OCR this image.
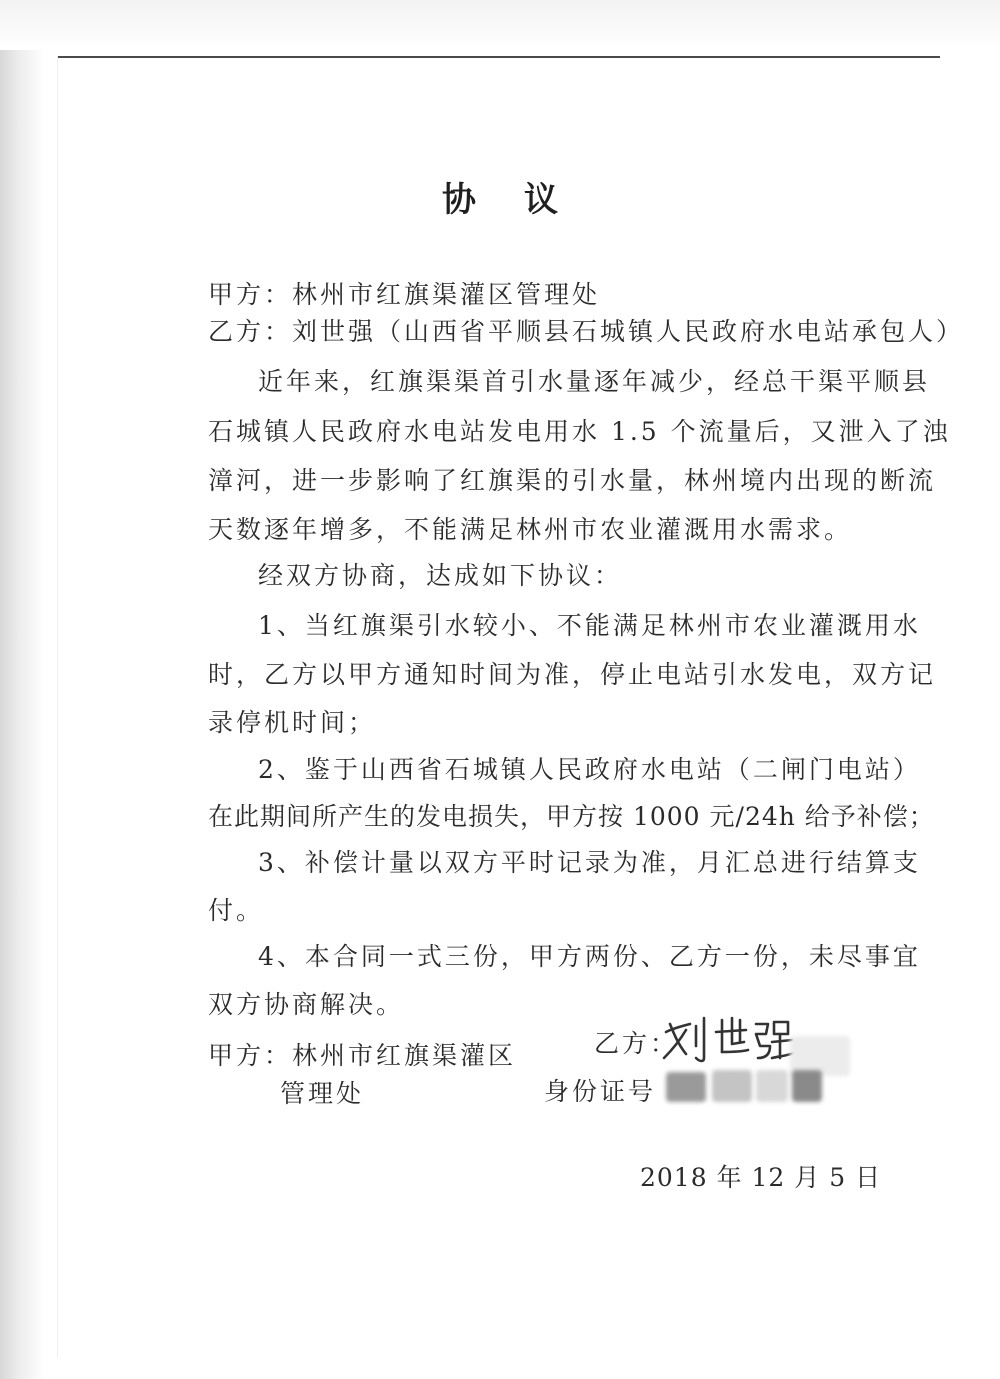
协 议
甲方：林州市红旗渠灌区管理处
乙方：刘世强（山西省平顺县石城镇人民政府水电站承包人）
近年来，红旗渠渠首引水量逐年减少，经总干渠平顺县
石城镇人民政府水电站发电用水 1.5 个流量后，又泄入了浊
漳河，进一步影响了红旗渠的引水量，林州境内出现的断流
天数逐年增多，不能满足林州市农业灌溉用水需求。
经双方协商，达成如下协议：
1、当红旗渠引水较小、不能满足林州市农业灌溉用水
时，乙方以甲方通知时间为准，停止电站引水发电，双方记
录停机时间；
2、鉴于山西省石城镇人民政府水电站（二闸门电站）
在此期间所产生的发电损失，甲方按 1000 元/24h 给予补偿；
3、补偿计量以双方平时记录为准，月汇总进行结算支
付。
4、本合同一式三份，甲方两份、乙方一份，未尽事宜
双方协商解决。
甲方：林州市红旗渠灌区
管理处
乙方：
身份证号
2018 年 12 月 5 日
